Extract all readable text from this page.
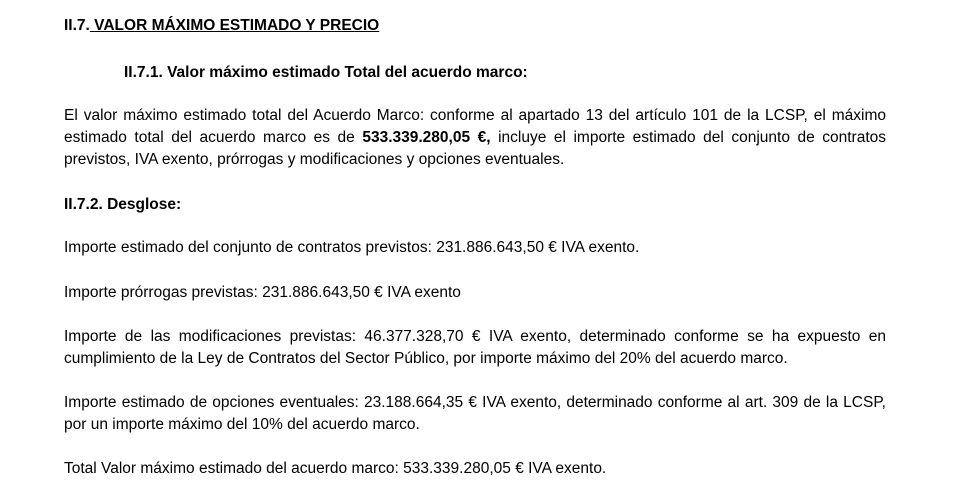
II.7. VALOR MÁXIMO ESTIMADO Y PRECIO
II.7.1. Valor máximo estimado Total del acuerdo marco:
El valor máximo estimado total del Acuerdo Marco: conforme al apartado 13 del artículo 101 de la LCSP, el máximo estimado total del acuerdo marco es de 533.339.280,05 €, incluye el importe estimado del conjunto de contratos previstos, IVA exento, prórrogas y modificaciones y opciones eventuales.
II.7.2. Desglose:
Importe estimado del conjunto de contratos previstos: 231.886.643,50 € IVA exento.
Importe prórrogas previstas: 231.886.643,50 € IVA exento
Importe de las modificaciones previstas: 46.377.328,70 € IVA exento, determinado conforme se ha expuesto en cumplimiento de la Ley de Contratos del Sector Público, por importe máximo del 20% del acuerdo marco.
Importe estimado de opciones eventuales: 23.188.664,35 € IVA exento, determinado conforme al art. 309 de la LCSP, por un importe máximo del 10% del acuerdo marco.
Total Valor máximo estimado del acuerdo marco: 533.339.280,05 € IVA exento.
